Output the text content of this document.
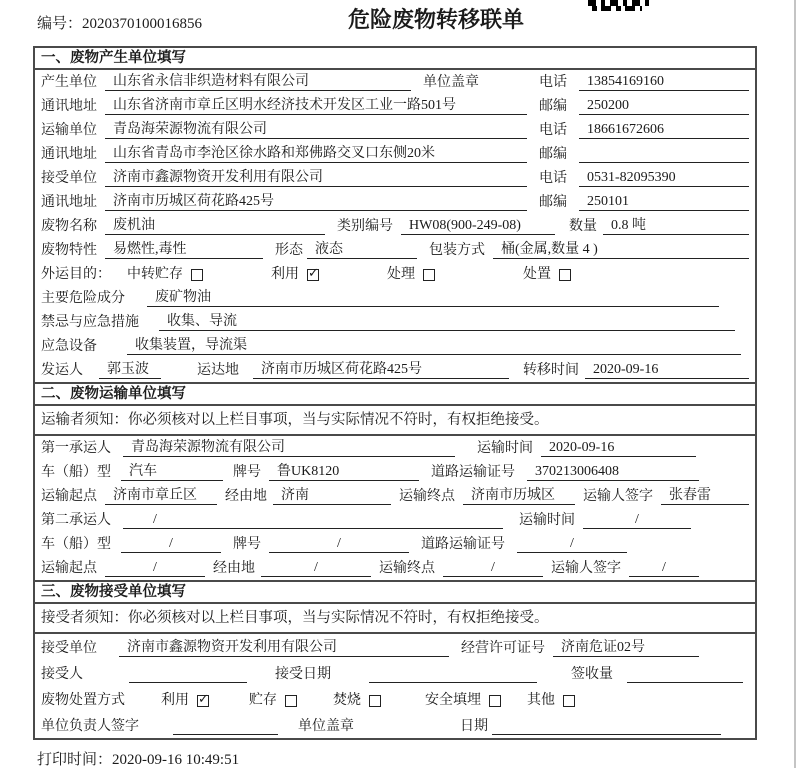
编号：2020370100016856	危险废物转移联单
一、废物产生单位填写
产生单位	山东省永信非织造材料有限公司	单位盖章	电话	13854169160
通讯地址	山东省济南市章丘区明水经济技术开发区工业一路501号	邮编	250200
运输单位	青岛海荣源物流有限公司	电话	18661672606
通讯地址	山东省青岛市李沧区徐水路和郑佛路交叉口东侧20米	邮编
接受单位	济南市鑫源物资开发利用有限公司	电话	0531-82095390
通讯地址	济南市历城区荷花路425号	邮编	250101
废物名称	废机油	类别编号	HW08(900-249-08)	数量	0.8 吨
废物特性	易燃性,毒性	形态 液态	包装方式	桶(金属,数量 4 )
外运目的：	中转贮存	利用 ✓	处理	处置
主要危险成分	废矿物油
禁忌与应急措施	收集、导流
应急设备	收集装置，导流渠
发运人	郭玉波	运达地	济南市历城区荷花路425号	转移时间	2020-09-16
二、废物运输单位填写
运输者须知：你必须核对以上栏目事项，当与实际情况不符时，有权拒绝接受。
第一承运人	青岛海荣源物流有限公司	运输时间	2020-09-16
车（船）型	汽车	牌号	鲁UK8120	道路运输证号	370213006408
运输起点	济南市章丘区	经由地	济南	运输终点	济南市历城区	运输人签字	张春雷
第二承运人	/	运输时间	/
车（船）型	/	牌号	/	道路运输证号	/
运输起点	/	经由地	/	运输终点	/	运输人签字	/
三、废物接受单位填写
接受者须知：你必须核对以上栏目事项，当与实际情况不符时，有权拒绝接受。
接受单位	济南市鑫源物资开发利用有限公司	经营许可证号	济南危证02号
接受人	接受日期	签收量
废物处置方式	利用 ✓	贮存	焚烧	安全填埋	其他
单位负责人签字	单位盖章	日期
打印时间：2020-09-16 10:49:51
